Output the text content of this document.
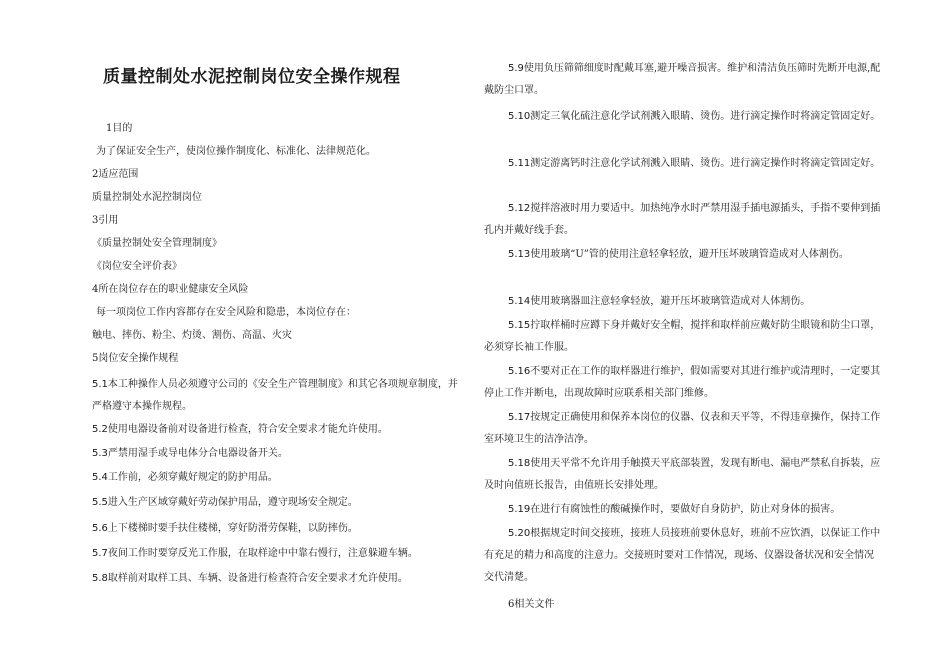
质量控制处水泥控制岗位安全操作规程
1目的
为了保证安全生产，使岗位操作制度化、标准化、法律规范化。
2适应范围
质量控制处水泥控制岗位
3引用
《质量控制处安全管理制度》
《岗位安全评价表》
4所在岗位存在的职业健康安全风险
每一项岗位工作内容都存在安全风险和隐患，本岗位存在：
触电、摔伤、粉尘、灼烫、割伤、高温、火灾
5岗位安全操作规程
5.1本工种操作人员必须遵守公司的《安全生产管理制度》和其它各项规章制度，并严格遵守本操作规程。
5.2使用电器设备前对设备进行检查，符合安全要求才能允许使用。
5.3严禁用湿手或导电体分合电器设备开关。
5.4工作前，必须穿戴好规定的防护用品。
5.5进入生产区域穿戴好劳动保护用品，遵守现场安全规定。
5.6上下楼梯时要手扶住楼梯，穿好防滑劳保鞋，以防摔伤。
5.7夜间工作时要穿反光工作服，在取样途中中靠右慢行，注意躲避车辆。
5.8取样前对取样工具、车辆、设备进行检查符合安全要求才允许使用。
5.9使用负压筛筛细度时配戴耳塞,避开噪音损害。维护和清洁负压筛时先断开电源,配戴防尘口罩。
5.10测定三氧化硫注意化学试剂溅入眼睛、烫伤。进行滴定操作时将滴定管固定好。
5.11测定游离钙时注意化学试剂溅入眼睛、烫伤。进行滴定操作时将滴定管固定好。
5.12搅拌溶液时用力要适中。加热纯净水时严禁用湿手插电源插头，手指不要伸到插孔内并戴好线手套。
5.13使用玻璃“U”管的使用注意轻拿轻放，避开压坏玻璃管造成对人体割伤。
5.14使用玻璃器皿注意轻拿轻放，避开压坏玻璃管造成对人体割伤。
5.15拧取样桶时应蹲下身并戴好安全帽，搅拌和取样前应戴好防尘眼镜和防尘口罩，必须穿长袖工作服。
5.16不要对正在工作的取样器进行维护，假如需要对其进行维护或清理时，一定要其停止工作并断电，出现故障时应联系相关部门维修。
5.17按规定正确使用和保养本岗位的仪器、仪表和天平等，不得违章操作，保持工作室环境卫生的洁净洁净。
5.18使用天平常不允许用手触摸天平底部装置，发现有断电、漏电严禁私自拆装，应及时向值班长报告，由值班长安排处理。
5.19在进行有腐蚀性的酸碱操作时，要做好自身防护，防止对身体的损害。
5.20根据规定时间交接班，接班人员接班前要休息好，班前不应饮酒，以保证工作中有充足的精力和高度的注意力。交接班时要对工作情况，现场、仪器设备状况和安全情况交代清楚。
6相关文件
